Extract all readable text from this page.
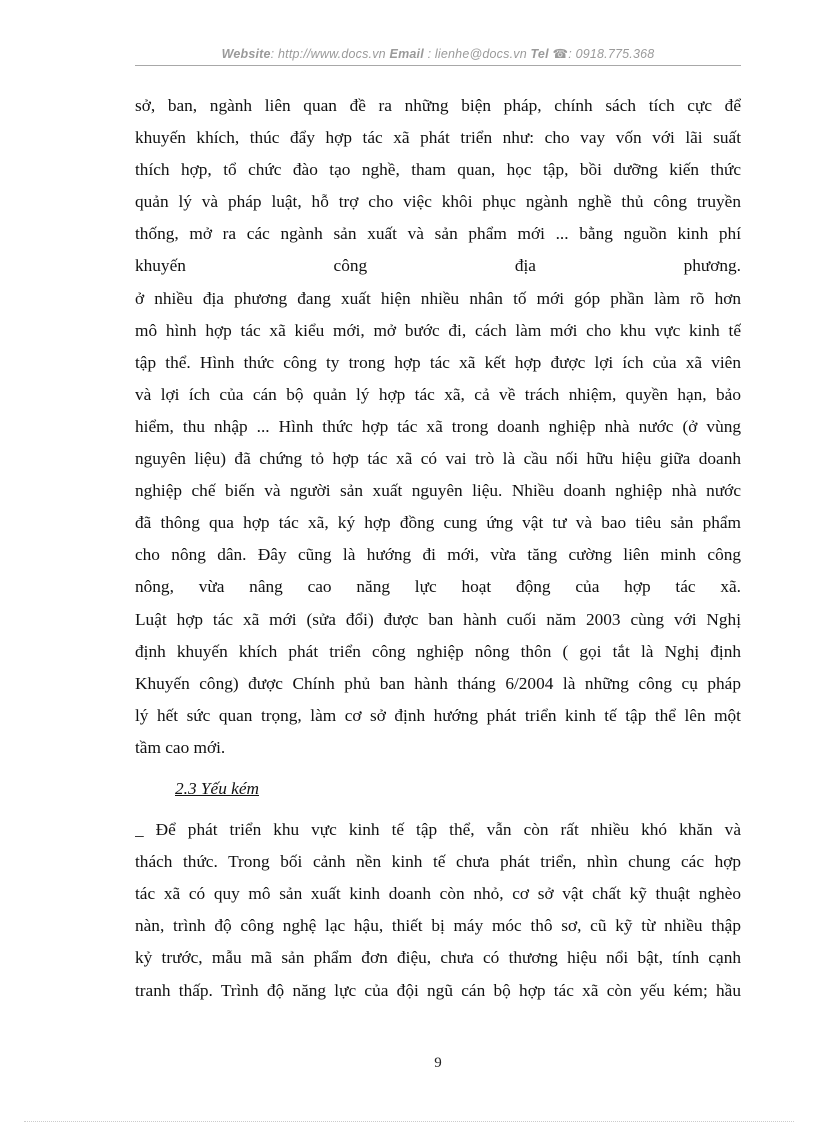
Website: http://www.docs.vn Email : lienhe@docs.vn Tel ☎: 0918.775.368
sở, ban, ngành liên quan đề ra những biện pháp, chính sách tích cực để
khuyến khích, thúc đẩy hợp tác xã phát triển như: cho vay vốn với lãi suất
thích hợp, tổ chức đào tạo nghề, tham quan, học tập, bồi dưỡng kiến thức
quản lý và pháp luật, hỗ trợ cho việc khôi phục ngành nghề thủ công truyền
thống, mở ra các ngành sản xuất và sản phẩm mới ... bằng nguồn kinh phí
khuyến công địa phương.
ở nhiều địa phương đang xuất hiện nhiều nhân tố mới góp phần làm rõ hơn
mô hình hợp tác xã kiểu mới, mở bước đi, cách làm mới cho khu vực kinh tế
tập thể. Hình thức công ty trong hợp tác xã kết hợp được lợi ích của xã viên
và lợi ích của cán bộ quản lý hợp tác xã, cả về trách nhiệm, quyền hạn, bảo
hiểm, thu nhập ... Hình thức hợp tác xã trong doanh nghiệp nhà nước (ở vùng
nguyên liệu) đã chứng tỏ hợp tác xã có vai trò là cầu nối hữu hiệu giữa doanh
nghiệp chế biến và người sản xuất nguyên liệu. Nhiều doanh nghiệp nhà nước
đã thông qua hợp tác xã, ký hợp đồng cung ứng vật tư và bao tiêu sản phẩm
cho nông dân. Đây cũng là hướng đi mới, vừa tăng cường liên minh công
nông, vừa nâng cao năng lực hoạt động của hợp tác xã.
Luật hợp tác xã mới (sửa đổi) được ban hành cuối năm 2003 cùng với Nghị
định khuyến khích phát triển công nghiệp nông thôn ( gọi tắt là Nghị định
Khuyến công) được Chính phủ ban hành tháng 6/2004 là những công cụ pháp
lý hết sức quan trọng, làm cơ sở định hướng phát triển kinh tế tập thể lên một
tầm cao mới.
2.3 Yếu kém
_ Để phát triển khu vực kinh tế tập thể, vẫn còn rất nhiều khó khăn và
thách thức. Trong bối cảnh nền kinh tế chưa phát triển, nhìn chung các hợp
tác xã có quy mô sản xuất kinh doanh còn nhỏ, cơ sở vật chất kỹ thuật nghèo
nàn, trình độ công nghệ lạc hậu, thiết bị máy móc thô sơ, cũ kỹ từ nhiều thập
kỷ trước, mẫu mã sản phẩm đơn điệu, chưa có thương hiệu nổi bật, tính cạnh
tranh thấp. Trình độ năng lực của đội ngũ cán bộ hợp tác xã còn yếu kém; hầu
9
